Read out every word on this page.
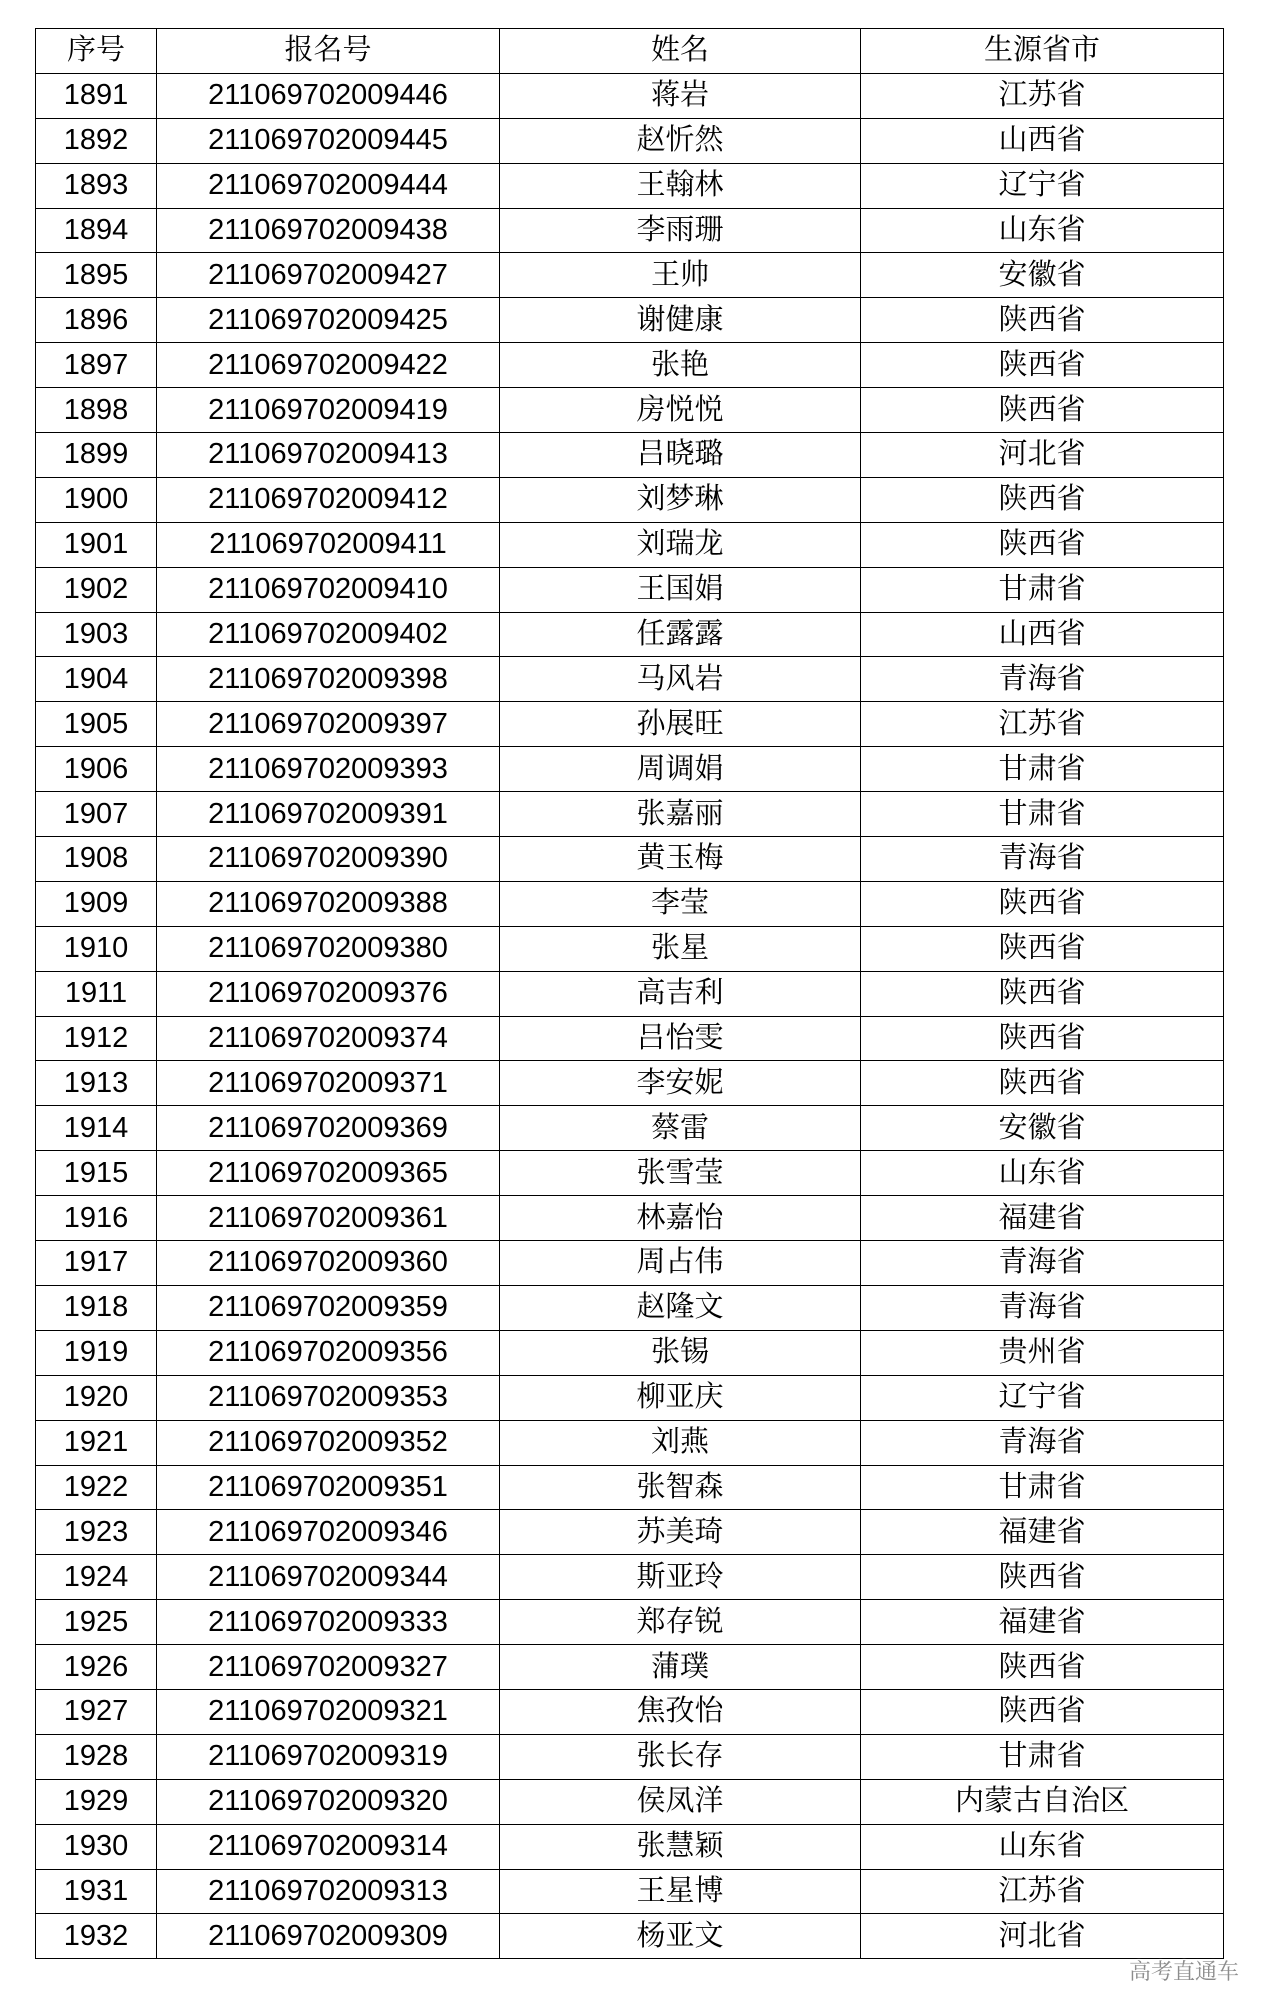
序号	报名号	姓名	生源省市
1891	211069702009446	蒋岩	江苏省
1892	211069702009445	赵忻然	山西省
1893	211069702009444	王翰林	辽宁省
1894	211069702009438	李雨珊	山东省
1895	211069702009427	王帅	安徽省
1896	211069702009425	谢健康	陕西省
1897	211069702009422	张艳	陕西省
1898	211069702009419	房悦悦	陕西省
1899	211069702009413	吕晓璐	河北省
1900	211069702009412	刘梦琳	陕西省
1901	211069702009411	刘瑞龙	陕西省
1902	211069702009410	王国娟	甘肃省
1903	211069702009402	任露露	山西省
1904	211069702009398	马风岩	青海省
1905	211069702009397	孙展旺	江苏省
1906	211069702009393	周调娟	甘肃省
1907	211069702009391	张嘉丽	甘肃省
1908	211069702009390	黄玉梅	青海省
1909	211069702009388	李莹	陕西省
1910	211069702009380	张星	陕西省
1911	211069702009376	高吉利	陕西省
1912	211069702009374	吕怡雯	陕西省
1913	211069702009371	李安妮	陕西省
1914	211069702009369	蔡雷	安徽省
1915	211069702009365	张雪莹	山东省
1916	211069702009361	林嘉怡	福建省
1917	211069702009360	周占伟	青海省
1918	211069702009359	赵隆文	青海省
1919	211069702009356	张锡	贵州省
1920	211069702009353	柳亚庆	辽宁省
1921	211069702009352	刘燕	青海省
1922	211069702009351	张智森	甘肃省
1923	211069702009346	苏美琦	福建省
1924	211069702009344	斯亚玲	陕西省
1925	211069702009333	郑存锐	福建省
1926	211069702009327	蒲璞	陕西省
1927	211069702009321	焦孜怡	陕西省
1928	211069702009319	张长存	甘肃省
1929	211069702009320	侯凤洋	内蒙古自治区
1930	211069702009314	张慧颖	山东省
1931	211069702009313	王星博	江苏省
1932	211069702009309	杨亚文	河北省
高考直通车
